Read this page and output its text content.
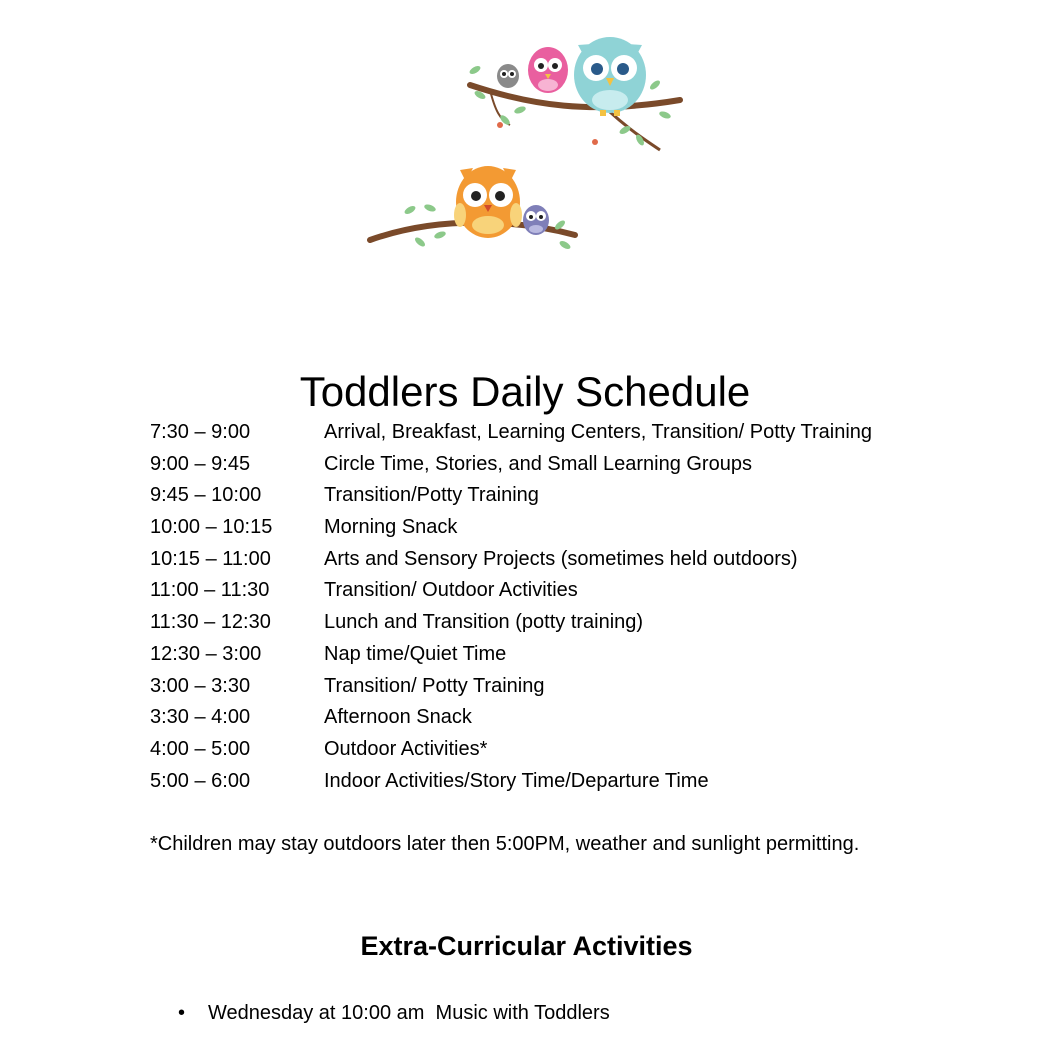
Toddlers Daily Schedule
7:30 – 9:00	Arrival, Breakfast, Learning Centers, Transition/ Potty Training
9:00 – 9:45	Circle Time, Stories, and Small Learning Groups
9:45 – 10:00	Transition/Potty Training
10:00 – 10:15	Morning Snack
10:15 – 11:00	Arts and Sensory Projects (sometimes held outdoors)
11:00 – 11:30	Transition/ Outdoor Activities
11:30 – 12:30	Lunch and Transition (potty training)
12:30 – 3:00	Nap time/Quiet Time
3:00 – 3:30	Transition/ Potty Training
3:30 – 4:00	Afternoon Snack
4:00 – 5:00	Outdoor Activities*
5:00 – 6:00	Indoor Activities/Story Time/Departure Time

*Children may stay outdoors later then 5:00PM, weather and sunlight permitting.

Extra-Curricular Activities
•	Wednesday at 10:00 am  Music with Toddlers
